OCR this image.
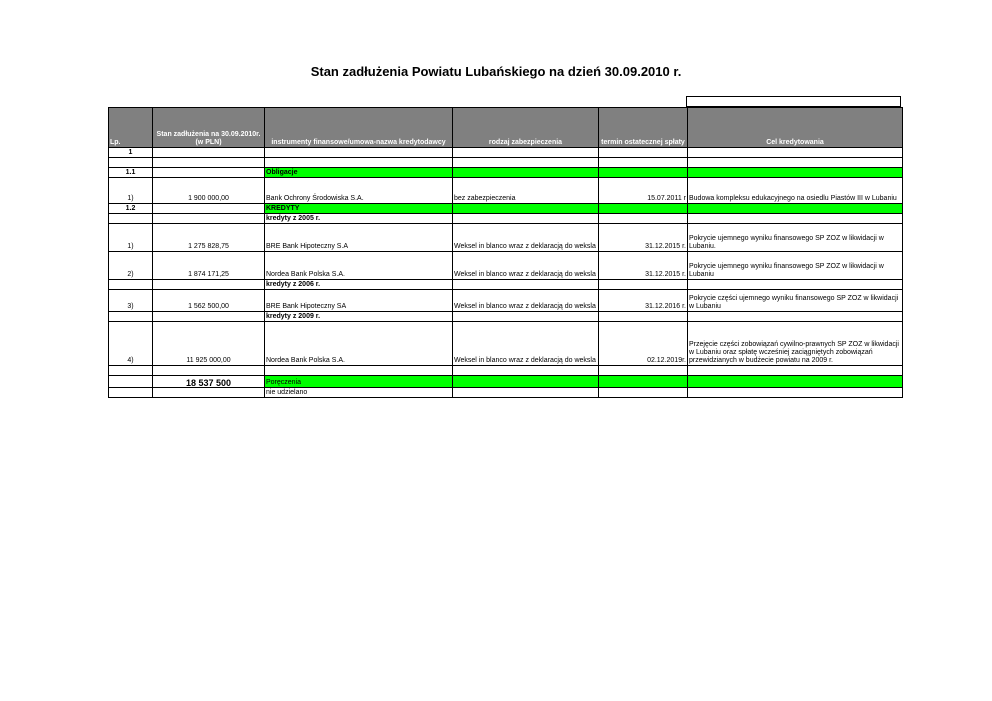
Stan zadłużenia Powiatu Lubańskiego na dzień 30.09.2010 r.
Lp.	Stan zadłużenia na 30.09.2010r. (w PLN)	instrumenty finansowe/umowa-nazwa kredytodawcy	rodzaj zabezpieczenia	termin ostatecznej spłaty	Cel kredytowania
1					

1.1		Obligacje			
1)	1 900 000,00	Bank Ochrony Środowiska S.A.	bez zabezpieczenia	15.07.2011 r	Budowa kompleksu edukacyjnego na osiedlu Piastów III w Lubaniu
1.2		KREDYTY			
		kredyty z 2005 r.			
1)	1 275 828,75	BRE Bank Hipoteczny S.A	Weksel in blanco wraz z deklaracją do weksla	31.12.2015 r.	Pokrycie ujemnego wyniku finansowego SP ZOZ w likwidacji w Lubaniu.
2)	1 874 171,25	Nordea Bank Polska S.A.	Weksel in blanco wraz z deklaracją do weksla	31.12.2015 r.	Pokrycie ujemnego wyniku finansowego SP ZOZ w likwidacji w Lubaniu
		kredyty z 2006 r.			
3)	1 562 500,00	BRE Bank Hipoteczny SA	Weksel in blanco wraz z deklaracją do weksla	31.12.2016 r.	Pokrycie części ujemnego wyniku finansowego SP ZOZ w likwidacji w Lubaniu
		kredyty z 2009 r.			
4)	11 925 000,00	Nordea Bank Polska S.A.	Weksel in blanco wraz z deklaracją do weksla	02.12.2019r.	Przejęcie części zobowiązań cywilno-prawnych SP ZOZ w likwidacji w Lubaniu oraz spłatę wcześniej zaciągniętych zobowiązań przewidzianych w budżecie powiatu na 2009 r.

	18 537 500	Poręczenia			
		nie udzielano			
